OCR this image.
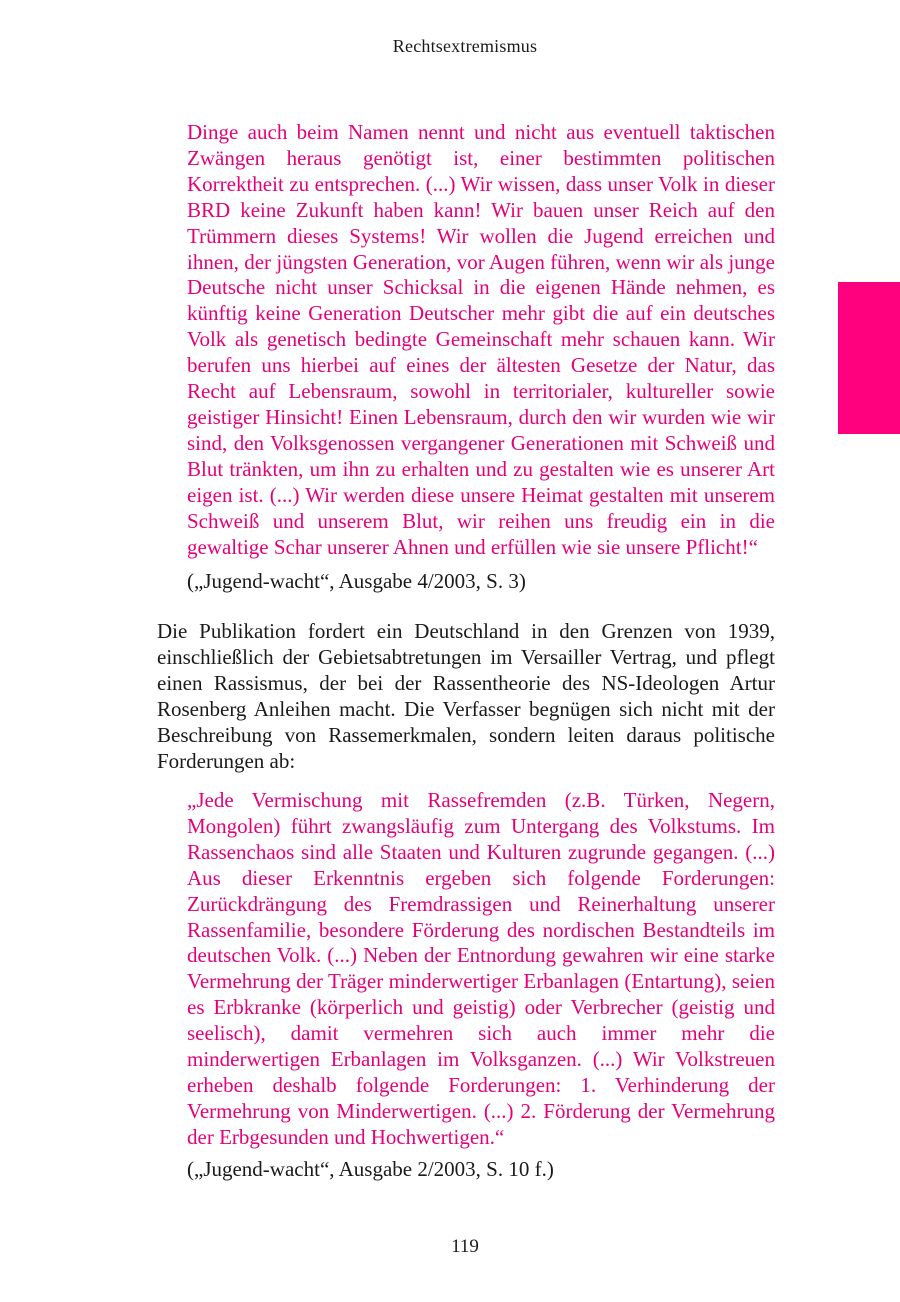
Rechtsextremismus

Dinge auch beim Namen nennt und nicht aus eventuell taktischen Zwängen heraus genötigt ist, einer bestimmten politischen Korrektheit zu entsprechen. (...) Wir wissen, dass unser Volk in dieser BRD keine Zukunft haben kann! Wir bauen unser Reich auf den Trümmern dieses Systems! Wir wollen die Jugend erreichen und ihnen, der jüngsten Generation, vor Augen führen, wenn wir als junge Deutsche nicht unser Schicksal in die eigenen Hände nehmen, es künftig keine Generation Deutscher mehr gibt die auf ein deutsches Volk als genetisch bedingte Gemeinschaft mehr schauen kann. Wir berufen uns hierbei auf eines der ältesten Gesetze der Natur, das Recht auf Lebensraum, sowohl in territorialer, kultureller sowie geistiger Hinsicht! Einen Lebensraum, durch den wir wurden wie wir sind, den Volksgenossen vergangener Generationen mit Schweiß und Blut tränkten, um ihn zu erhalten und zu gestalten wie es unserer Art eigen ist. (...) Wir werden diese unsere Heimat gestalten mit unserem Schweiß und unserem Blut, wir reihen uns freudig ein in die gewaltige Schar unserer Ahnen und erfüllen wie sie unsere Pflicht!“

(„Jugend-wacht“, Ausgabe 4/2003, S. 3)

Die Publikation fordert ein Deutschland in den Grenzen von 1939, einschließlich der Gebietsabtretungen im Versailler Vertrag, und pflegt einen Rassismus, der bei der Rassentheorie des NS-Ideologen Artur Rosenberg Anleihen macht. Die Verfasser begnügen sich nicht mit der Beschreibung von Rassemerkmalen, sondern leiten daraus politische Forderungen ab:

„Jede Vermischung mit Rassefremden (z.B. Türken, Negern, Mongolen) führt zwangsläufig zum Untergang des Volkstums. Im Rassenchaos sind alle Staaten und Kulturen zugrunde gegangen. (...) Aus dieser Erkenntnis ergeben sich folgende Forderungen: Zurückdrängung des Fremdrassigen und Reinerhaltung unserer Rassenfamilie, besondere Förderung des nordischen Bestandteils im deutschen Volk. (...) Neben der Entnordung gewahren wir eine starke Vermehrung der Träger minderwertiger Erbanlagen (Entartung), seien es Erbkranke (körperlich und geistig) oder Verbrecher (geistig und seelisch), damit vermehren sich auch immer mehr die minderwertigen Erbanlagen im Volksganzen. (...) Wir Volkstreuen erheben deshalb folgende Forderungen: 1. Verhinderung der Vermehrung von Minderwertigen. (...) 2. Förderung der Vermehrung der Erbgesunden und Hochwertigen.“

(„Jugend-wacht“, Ausgabe 2/2003, S. 10 f.)

119
